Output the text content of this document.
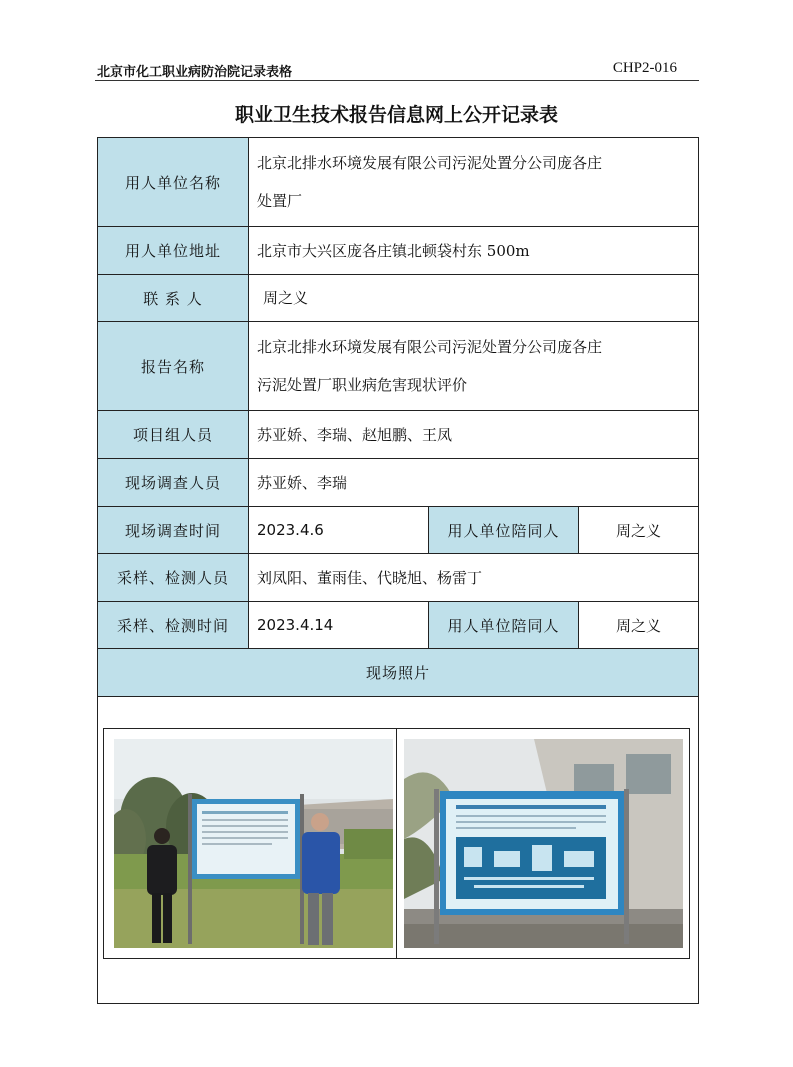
北京市化工职业病防治院记录表格	CHP2-016
职业卫生技术报告信息网上公开记录表
用人单位名称	北京北排水环境发展有限公司污泥处置分公司庞各庄
处置厂		

用人单位地址	北京市大兴区庞各庄镇北顿袋村东 500m		
联 系 人	周之义		
报告名称	北京北排水环境发展有限公司污泥处置分公司庞各庄
污泥处置厂职业病危害现状评价		

项目组人员	苏亚娇、李瑞、赵旭鹏、王凤		
现场调查人员	苏亚娇、李瑞		
现场调查时间	2023.4.6	用人单位陪同人	周之义
采样、检测人员	刘凤阳、董雨佳、代晓旭、杨雷丁		
采样、检测时间	2023.4.14	用人单位陪同人	周之义
现场照片			
